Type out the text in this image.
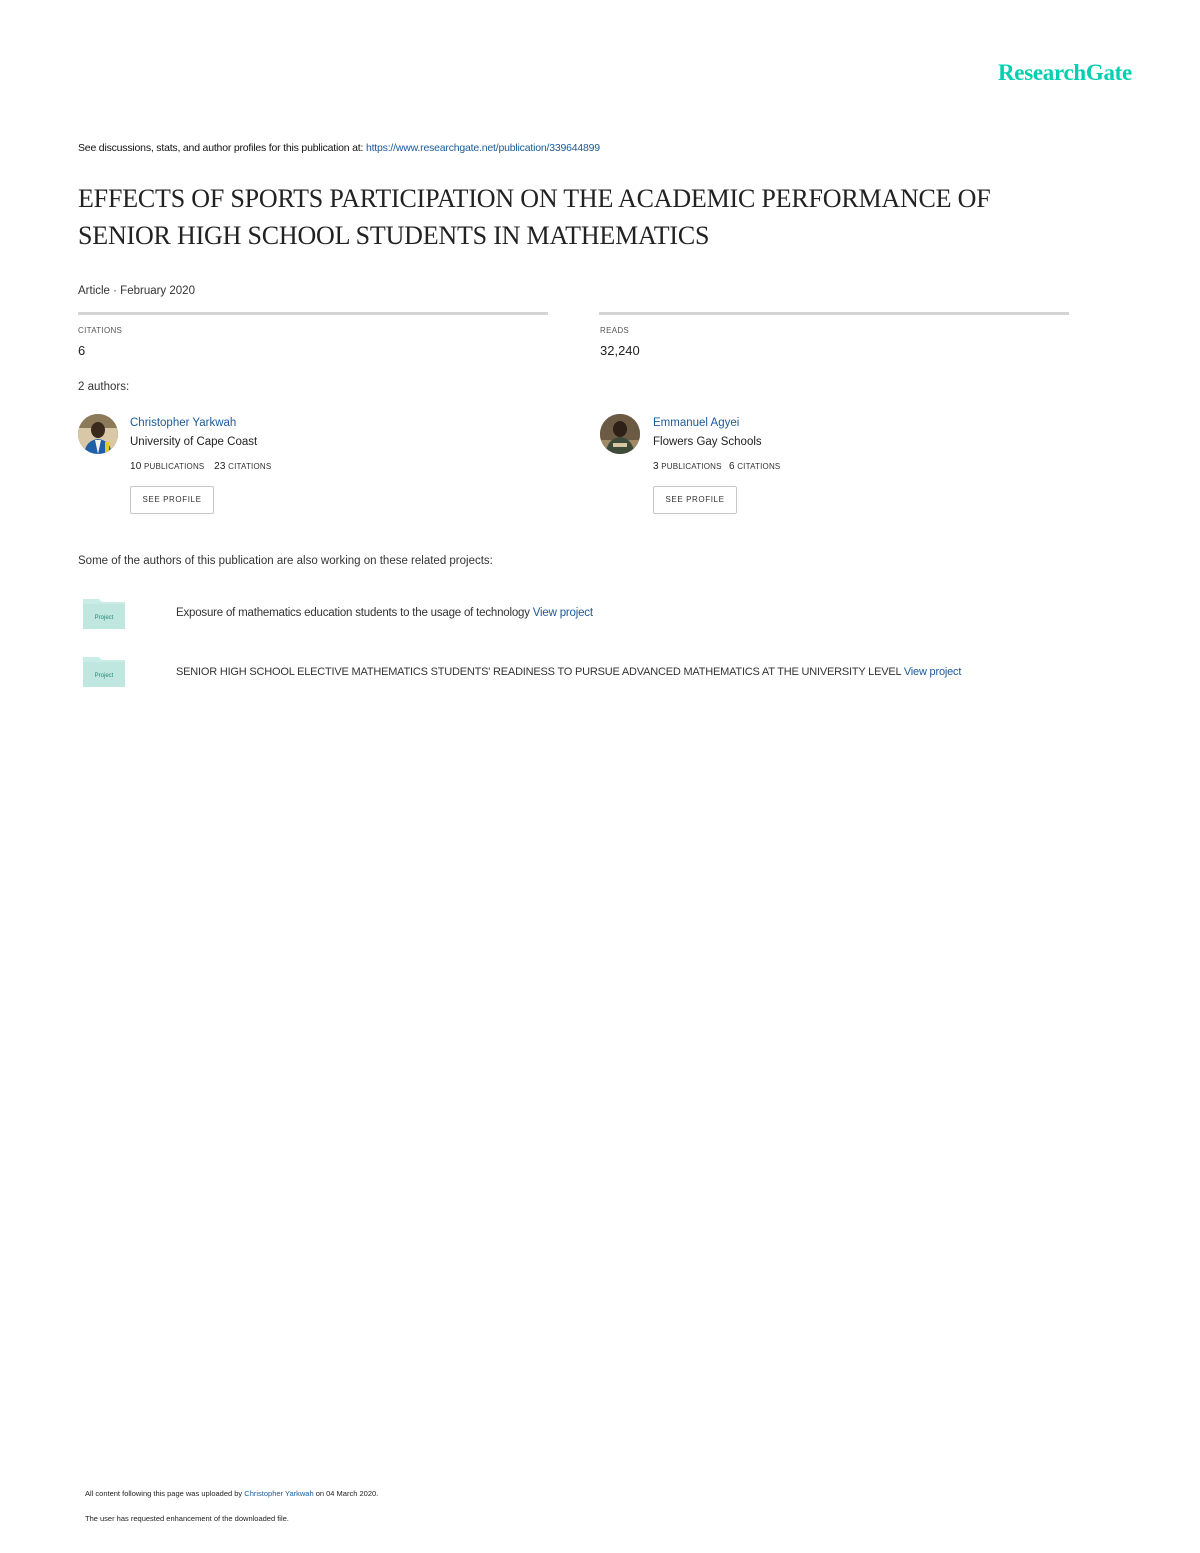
ResearchGate
See discussions, stats, and author profiles for this publication at: https://www.researchgate.net/publication/339644899
EFFECTS OF SPORTS PARTICIPATION ON THE ACADEMIC PERFORMANCE OF
SENIOR HIGH SCHOOL STUDENTS IN MATHEMATICS
Article · February 2020
CITATIONS
6
READS
32,240
2 authors:
Christopher Yarkwah
University of Cape Coast
10 PUBLICATIONS 23 CITATIONS
SEE PROFILE
Emmanuel Agyei
Flowers Gay Schools
3 PUBLICATIONS 6 CITATIONS
SEE PROFILE
Some of the authors of this publication are also working on these related projects:
Project	Exposure of mathematics education students to the usage of technology View project
Project	SENIOR HIGH SCHOOL ELECTIVE MATHEMATICS STUDENTS' READINESS TO PURSUE ADVANCED MATHEMATICS AT THE UNIVERSITY LEVEL View project
All content following this page was uploaded by Christopher Yarkwah on 04 March 2020.
The user has requested enhancement of the downloaded file.
